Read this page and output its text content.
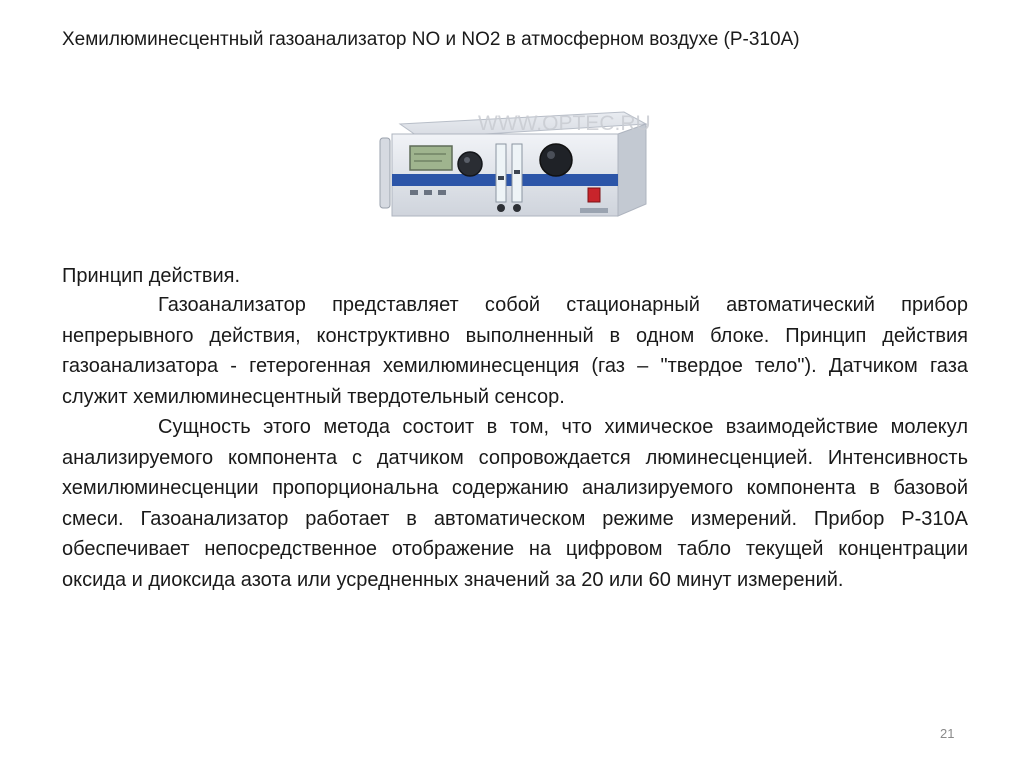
Хемилюминесцентный газоанализатор NO и NO2 в атмосферном воздухе (Р-310А)
WWW.OPTEC.RU
Принцип действия.

Газоанализатор представляет собой стационарный автоматический прибор непрерывного действия, конструктивно выполненный в одном блоке. Принцип действия газоанализатора - гетерогенная хемилюминесценция (газ – "твердое тело"). Датчиком газа служит хемилюминесцентный твердотельный сенсор.

Сущность этого метода состоит в том, что химическое взаимодействие молекул анализируемого компонента с датчиком сопровождается люминесценцией. Интенсивность хемилюминесценции пропорциональна содержанию анализируемого компонента в базовой смеси. Газоанализатор работает в автоматическом режиме измерений. Прибор Р-310А обеспечивает непосредственное отображение на цифровом табло текущей концентрации оксида и диоксида азота или усредненных значений за 20 или 60 минут измерений.

21
